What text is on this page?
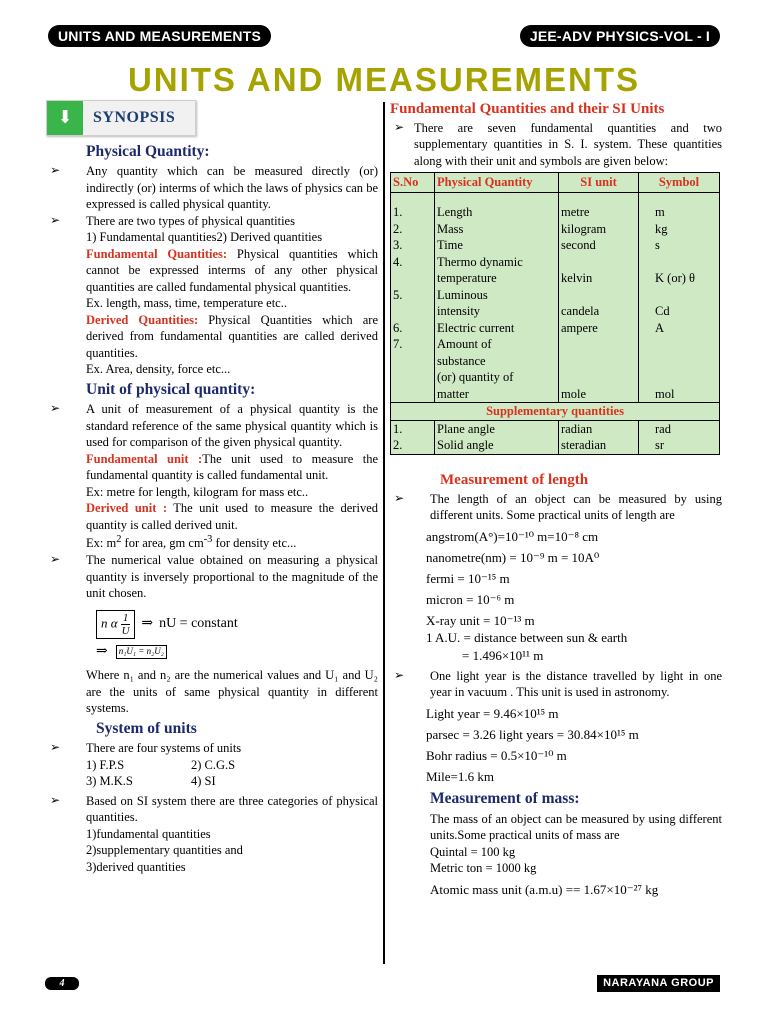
UNITS AND MEASUREMENTS	JEE-ADV PHYSICS-VOL - I
UNITS AND MEASUREMENTS
⬇	SYNOPSIS
Physical Quantity:
➢ Any quantity which can be measured directly (or) indirectly (or) interms of which the laws of physics can be expressed is called physical quantity.
➢ There are two types of physical quantities
1) Fundamental quantities2) Derived quantities
Fundamental Quantities: Physical quantities which cannot be expressed interms of any other physical quantities are called fundamental physical quantities.
Ex. length, mass, time, temperature etc..
Derived Quantities: Physical Quantities which are derived from fundamental quantities are called derived quantities.
Ex. Area, density, force etc...
Unit of physical quantity:
➢ A unit of measurement of a physical quantity is the standard reference of the same physical quantity which is used for comparison of the given physical quantity.
Fundamental unit :The unit used to measure the fundamental quantity is called fundamental unit.
Ex: metre for length, kilogram for mass etc..
Derived unit : The unit used to measure the derived quantity is called derived unit.
Ex: $m^2$ for area, gm $cm^{-3}$ for density etc...
➢ The numerical value obtained on measuring a physical quantity is inversely proportional to the magnitude of the unit chosen.
n α $\frac{1}{U}$ ⇒ nU = constant
⇒	n₁U₁ = n₂U₂
Where n₁ and n₂ are the numerical values and U₁ and U₂ are the units of same physical quantity in different systems.
System of units
➢ There are four systems of units
1) F.P.S	2) C.G.S
3) M.K.S	4) SI
➢ Based on SI system there are three categories of physical quantities.
1)fundamental quantities
2)supplementary quantities and
3)derived quantities
Fundamental Quantities and their SI Units
➢ There are seven fundamental quantities and two supplementary quantities in S. I. system. These quantities along with their unit and symbols are given below:
S.No	Physical Quantity	SI unit	Symbol

1.	Length	metre	m
2.	Mass	kilogram	kg
3.	Time	second	s
4.	Thermo dynamic		
	temperature	kelvin	K (or) θ
5.	Luminous		
	intensity	candela	Cd
6.	Electric current	ampere	A
7.	Amount of		
	substance		
	(or) quantity of		
	matter	mole	mol
Supplementary quantities			
1.	Plane angle	radian	rad
2.	Solid angle	steradian	sr
Measurement of length
➢ The length of an object can be measured by using different units. Some practical units of length are
angstrom(A°)=10⁻¹⁰ m=10⁻⁸ cm
nanometre(nm) = 10⁻⁹ m = 10A⁰
fermi = 10⁻¹⁵ m
micron = 10⁻⁶ m
X-ray unit = 10⁻¹³ m
1 A.U. = distance between sun & earth
= 1.496×10¹¹ m
➢ One light year is the distance travelled by light in one year in vacuum . This unit is used in astronomy.
Light year = 9.46×10¹⁵ m
parsec = 3.26 light years = 30.84×10¹⁵ m
Bohr radius = 0.5×10⁻¹⁰ m
Mile=1.6 km
Measurement of mass:
The mass of an object can be measured by using different units.Some practical units of mass are
Quintal = 100 kg
Metric ton = 1000 kg
Atomic mass unit (a.m.u) == 1.67×10⁻²⁷ kg
4	NARAYANA GROUP
